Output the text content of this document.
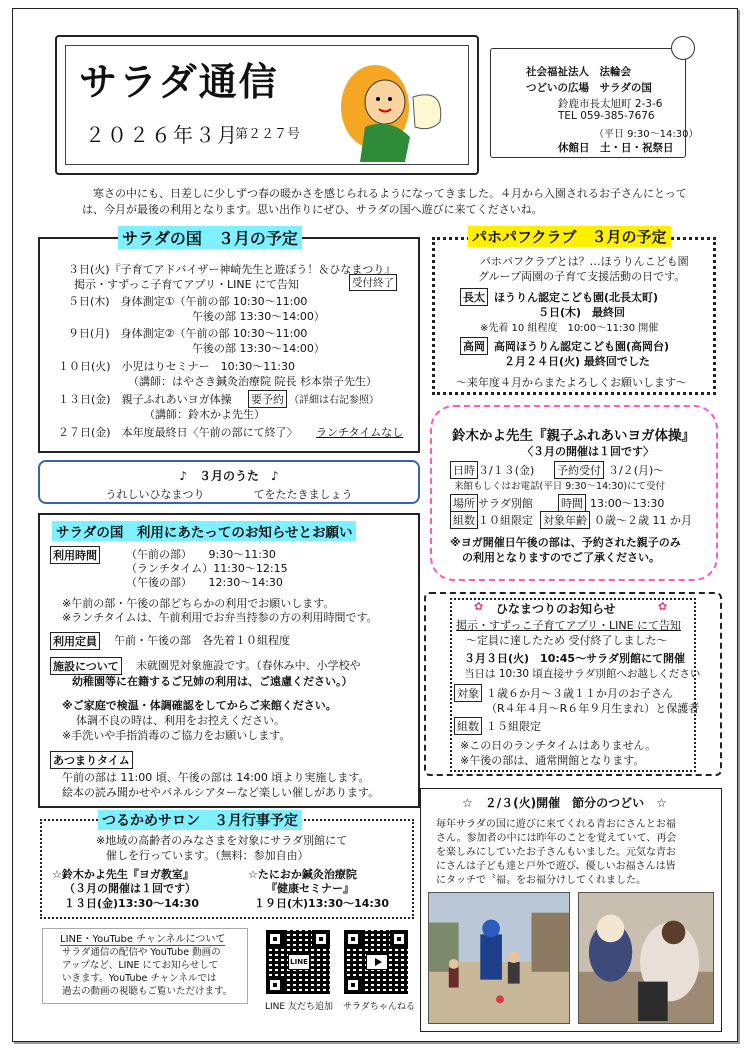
サラダ通信
２０２６年３月
第２２７号
社会福祉法人　法輪会
つどいの広場　サラダの国
鈴鹿市長太旭町 2-3-6
TEL 059-385-7676
（平日 9:30〜14:30）
休館日　土・日・祝祭日
寒さの中にも、日差しに少しずつ春の暖かさを感じられるようになってきました。４月から入園されるお子さんにとっては、今月が最後の利用となります。思い出作りにぜひ、サラダの国へ遊びに来てくださいね。
サラダの国　３月の予定
３日(火)『子育てアドバイザー神崎先生と遊ぼう！＆ひなまつり』
掲示・すずっこ子育てアプリ・LINE にて告知	受付終了
５日(木)　身体測定①（午前の部 10:30〜11:00
午後の部 13:30〜14:00）
９日(月)　身体測定②（午前の部 10:30〜11:00
午後の部 13:30〜14:00）
１０日(火)　小児はりセミナー　10:30〜11:30
（講師：はやさき鍼灸治療院 院長 杉本崇子先生）
１３日(金)　親子ふれあいヨガ体操 要予約 （詳細は右記参照）
（講師：鈴木かよ先生）
２７日(金)　本年度最終日〈午前の部にて終了〉 ランチタイムなし
♪　３月のうた　♪
うれしいひなまつり	てをたたきましょう
サラダの国　利用にあたってのお知らせとお願い
利用時間	（午前の部）　　9:30〜11:30
（ランチタイム）11:30〜12:15
（午後の部）　　12:30〜14:30
※午前の部・午後の部どちらかの利用でお願いします。
※ランチタイムは、午前利用でお弁当持参の方の利用時間です。
利用定員 午前・午後の部　各先着１０組程度
施設について 未就園児対象施設です。（春休み中、小学校や
幼稚園等に在籍するご兄姉の利用は、ご遠慮ください。）
※ご家庭で検温・体調確認をしてからご来館ください。
体調不良の時は、利用をお控えください。
※手洗いや手指消毒のご協力をお願いします。
あつまりタイム
午前の部は 11:00 頃、午後の部は 14:00 頃より実施します。
絵本の読み聞かせやパネルシアターなど楽しい催しがあります。
つるかめサロン　３月行事予定
※地域の高齢者のみなさまを対象にサラダ別館にて
催しを行っています。（無料：参加自由）
☆鈴木かよ先生『ヨガ教室』
（３月の開催は１回です）
１３日(金)13:30〜14:30
☆たにおか鍼灸治療院
『健康セミナー』
１９日(木)13:30〜14:30
LINE・YouTube チャンネルについて
サラダ通信の配信や YouTube 動画の
アップなど、LINE にてお知らせして
いきます。YouTube チャンネルでは
過去の動画の視聴もご覧いただけます。
LINE
LINE 友だち追加 サラダちゃんねる
パホパフクラブ　３月の予定
パホパフクラブとは？…ほうりんこども園
グループ両園の子育て支援活動の日です。
長太 ほうりん認定こども園(北長太町)
５日(木)　最終回
※先着 10 組程度　10:00〜11:30 開催
高岡 高岡ほうりん認定こども園(高岡台)
２月２４日(火) 最終回でした
〜来年度４月からまたよろしくお願いします〜
鈴木かよ先生『親子ふれあいヨガ体操』
〈３月の開催は１回です〉
日時 ３/１３(金) 予約受付 ３/２(月)〜
来館もしくはお電話(平日 9:30〜14:30)にて受付
場所 サラダ別館	時間 13:00〜13:30
組数 １０組限定 対象年齢 ０歳〜２歳 11 か月
※ヨガ開催日午後の部は、予約された親子のみ
の利用となりますのでご了承ください。
✿ ひなまつりのお知らせ	✿
掲示・すずっこ子育てアプリ・LINE にて告知
〜定員に達したため 受付終了しました〜
３月３日(火)　10:45〜サラダ別館にて開催
当日は 10:30 頃直接サラダ別館へお越しください
対象 １歳６か月〜３歳１１か月のお子さん
（R４年４月〜R６年９月生まれ）と保護者
組数 １５組限定
※この日のランチタイムはありません。
※午後の部は、通常開館となります。
☆　２/３(火)開催　節分のつどい　☆
毎年サラダの国に遊びに来てくれる青おにさんとお福
さん。参加者の中には昨年のことを覚えていて、再会
を楽しみにしていたお子さんもいました。元気な青お
にさんは子ども達と戸外で遊び、優しいお福さんは皆
にタッチで〝福〟をお福分けしてくれました。
